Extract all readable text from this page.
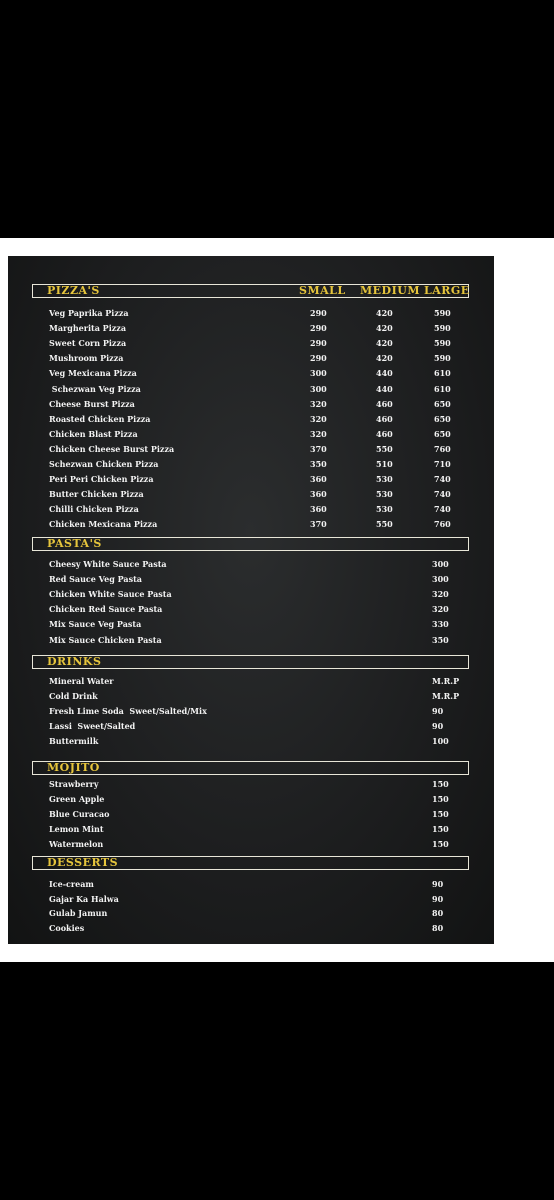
PIZZA'S	SMALL MEDIUM LARGE
Veg Paprika Pizza	290	420	590
Margherita Pizza	290	420	590
Sweet Corn Pizza	290	420	590
Mushroom Pizza	290	420	590
Veg Mexicana Pizza	300	440	610
Schezwan Veg Pizza	300	440	610
Cheese Burst Pizza	320	460	650
Roasted Chicken Pizza	320	460	650
Chicken Blast Pizza	320	460	650
Chicken Cheese Burst Pizza	370	550	760
Schezwan Chicken Pizza	350	510	710
Peri Peri Chicken Pizza	360	530	740
Butter Chicken Pizza	360	530	740
Chilli Chicken Pizza	360	530	740
Chicken Mexicana Pizza	370	550	760
PASTA'S
Cheesy White Sauce Pasta	300
Red Sauce Veg Pasta	300
Chicken White Sauce Pasta	320
Chicken Red Sauce Pasta	320
Mix Sauce Veg Pasta	330
Mix Sauce Chicken Pasta	350
DRINKS
Mineral Water	M.R.P
Cold Drink	M.R.P
Fresh Lime Soda  Sweet/Salted/Mix	90
Lassi  Sweet/Salted	90
Buttermilk	100
MOJITO
Strawberry	150
Green Apple	150
Blue Curacao	150
Lemon Mint	150
Watermelon	150
DESSERTS
Ice-cream	90
Gajar Ka Halwa	90
Gulab Jamun	80
Cookies	80
